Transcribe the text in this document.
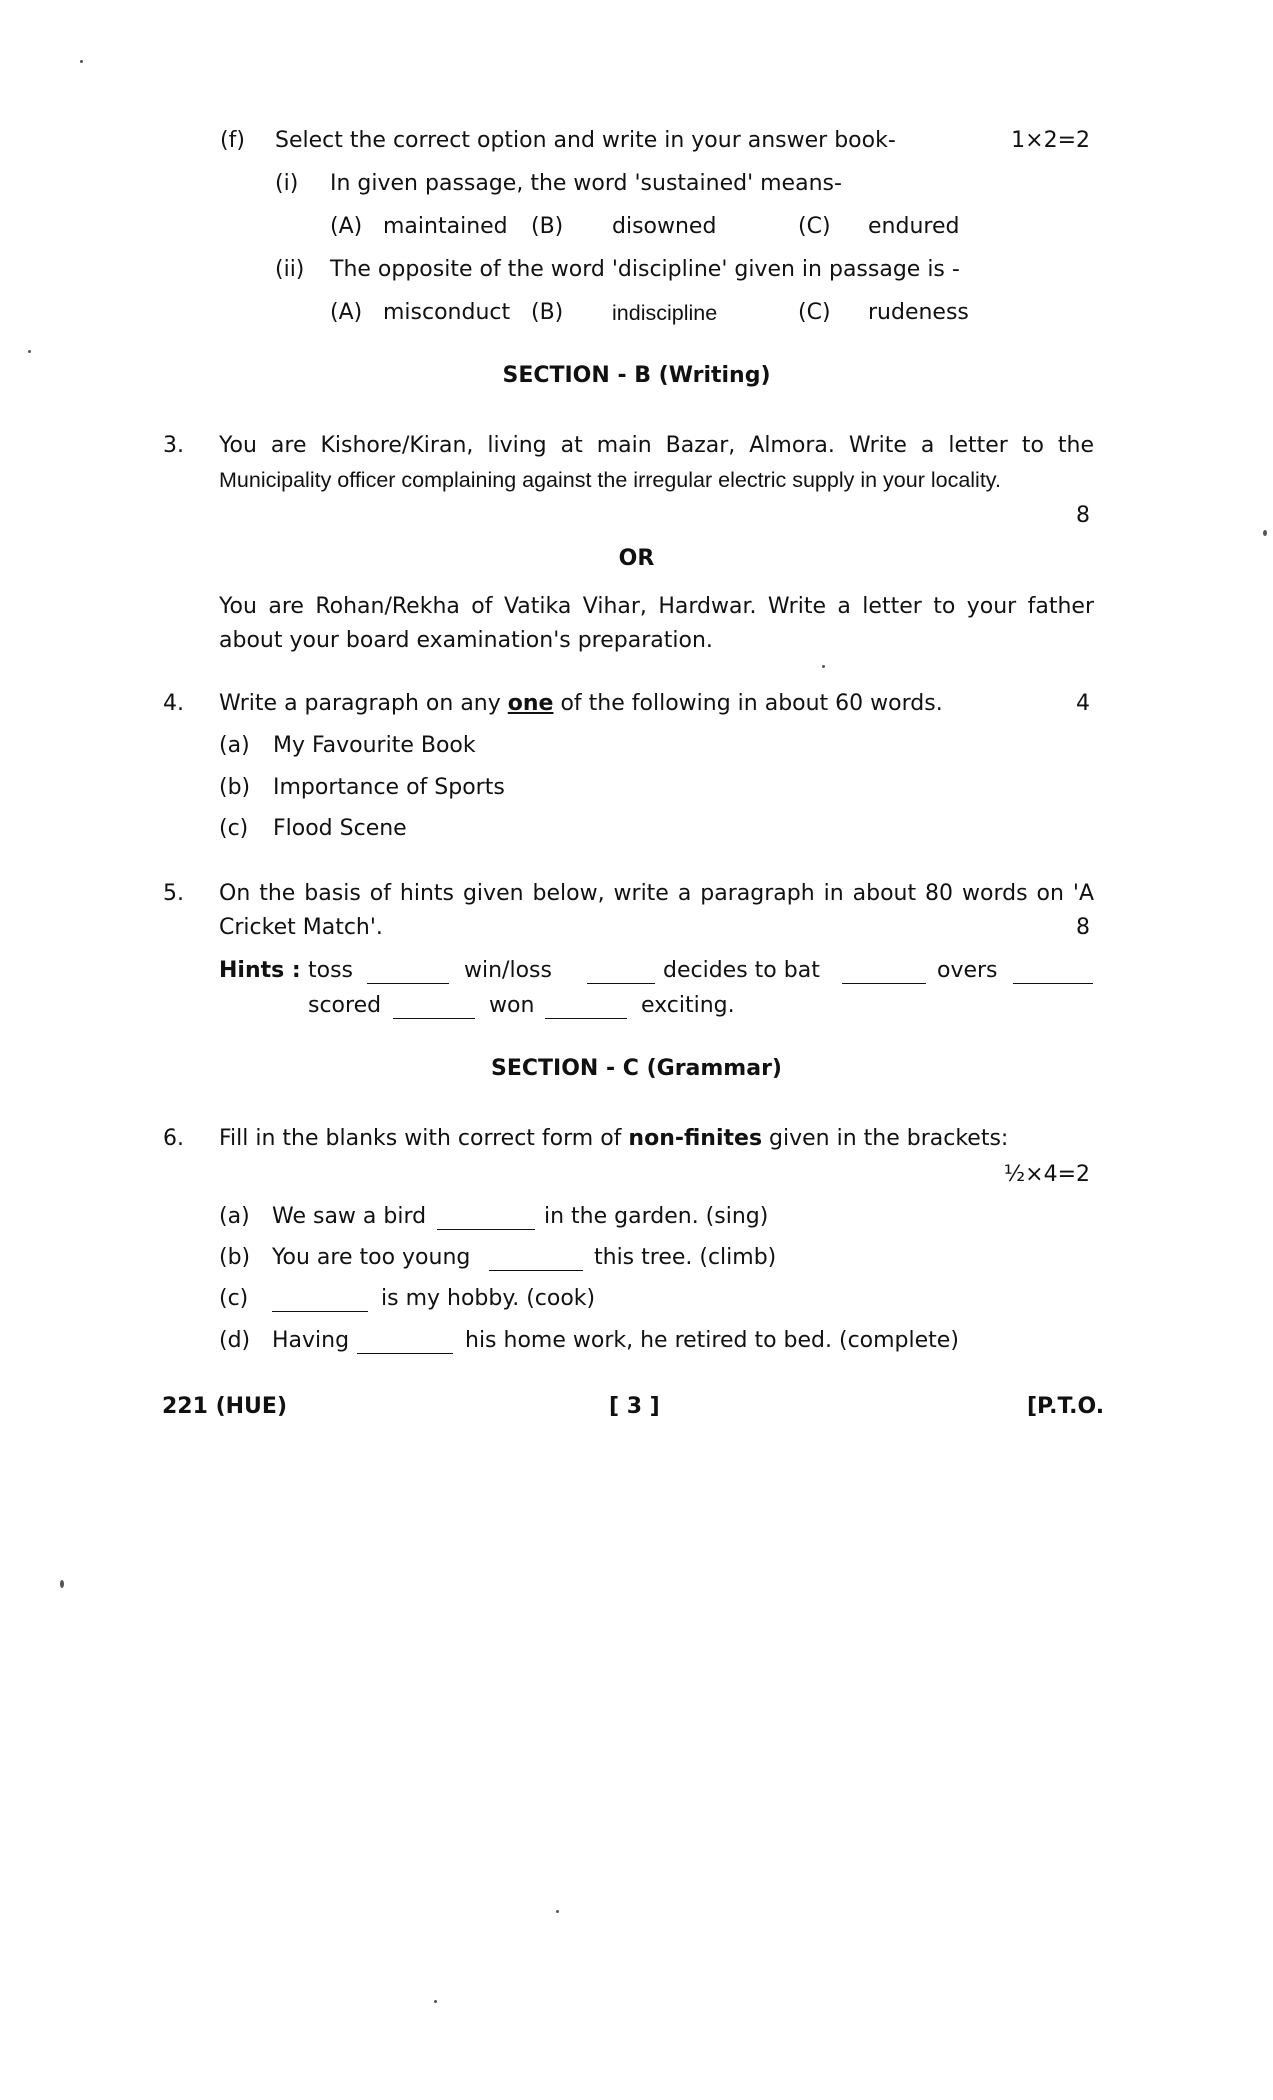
(f) Select the correct option and write in your answer book-	1×2=2
(i) In given passage, the word 'sustained' means-
(A) maintained (B) disowned	(C) endured
(ii) The opposite of the word 'discipline' given in passage is -
(A) misconduct (B) indiscipline	(C) rudeness
SECTION - B (Writing)
3. You are Kishore/Kiran, living at main Bazar, Almora. Write a letter to the
Municipality officer complaining against the irregular electric supply in your locality.
8
OR
You are Rohan/Rekha of Vatika Vihar, Hardwar. Write a letter to your father
about your board examination's preparation.
4. Write a paragraph on any one of the following in about 60 words.	4
(a) My Favourite Book
(b) Importance of Sports
(c) Flood Scene
5. On the basis of hints given below, write a paragraph in about 80 words on 'A
Cricket Match'.	8
Hints : toss	win/loss	decides to bat	overs
scored	won	exciting.
SECTION - C (Grammar)
6. Fill in the blanks with correct form of non-finites given in the brackets:
½×4=2
(a) We saw a bird	in the garden. (sing)
(b) You are too young	this tree. (climb)
(c)	is my hobby. (cook)
(d) Having	his home work, he retired to bed. (complete)
221 (HUE)	[ 3 ]	[P.T.O.
